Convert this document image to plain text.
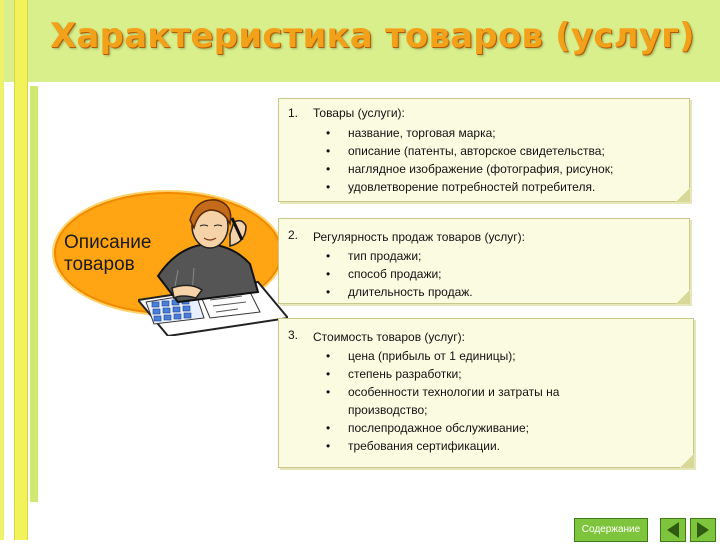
Характеристика товаров (услуг)
Описание
товаров
1. Товары (услуги):
• название, торговая марка;
• описание (патенты, авторское свидетельства;
• наглядное изображение (фотография, рисунок;
• удовлетворение потребностей потребителя.
2. Регулярность продаж товаров (услуг):
• тип продажи;
• способ продажи;
• длительность продаж.
3. Стоимость товаров (услуг):
• цена (прибыль от 1 единицы);
• степень разработки;
• особенности технологии и затраты на
производство;
• послепродажное обслуживание;
• требования сертификации.
Содержание
